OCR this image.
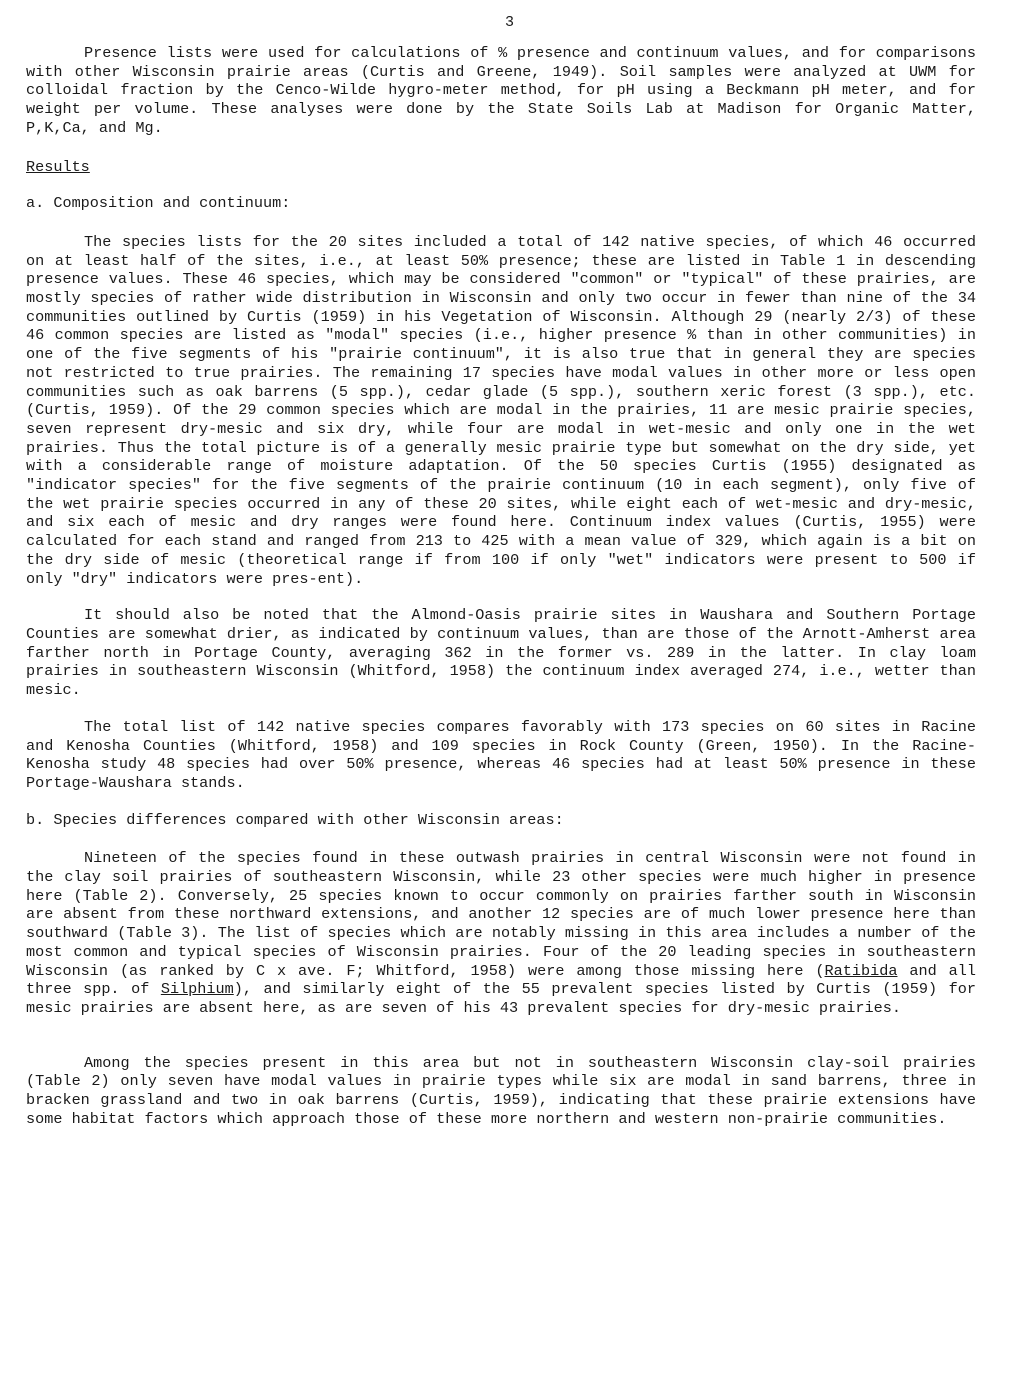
3

Presence lists were used for calculations of % presence and continuum values, and for comparisons with other Wisconsin prairie areas (Curtis and Greene, 1949). Soil samples were analyzed at UWM for colloidal fraction by the Cenco-Wilde hygro-meter method, for pH using a Beckmann pH meter, and for weight per volume. These analyses were done by the State Soils Lab at Madison for Organic Matter, P,K,Ca, and Mg.

Results

a. Composition and continuum:

The species lists for the 20 sites included a total of 142 native species, of which 46 occurred on at least half of the sites, i.e., at least 50% presence; these are listed in Table 1 in descending presence values. These 46 species, which may be considered "common" or "typical" of these prairies, are mostly species of rather wide distribution in Wisconsin and only two occur in fewer than nine of the 34 communities outlined by Curtis (1959) in his Vegetation of Wisconsin. Although 29 (nearly 2/3) of these 46 common species are listed as "modal" species (i.e., higher presence % than in other communities) in one of the five segments of his "prairie continuum", it is also true that in general they are species not restricted to true prairies. The remaining 17 species have modal values in other more or less open communities such as oak barrens (5 spp.), cedar glade (5 spp.), southern xeric forest (3 spp.), etc. (Curtis, 1959). Of the 29 common species which are modal in the prairies, 11 are mesic prairie species, seven represent dry-mesic and six dry, while four are modal in wet-mesic and only one in the wet prairies. Thus the total picture is of a generally mesic prairie type but somewhat on the dry side, yet with a considerable range of moisture adaptation. Of the 50 species Curtis (1955) designated as "indicator species" for the five segments of the prairie continuum (10 in each segment), only five of the wet prairie species occurred in any of these 20 sites, while eight each of wet-mesic and dry-mesic, and six each of mesic and dry ranges were found here. Continuum index values (Curtis, 1955) were calculated for each stand and ranged from 213 to 425 with a mean value of 329, which again is a bit on the dry side of mesic (theoretical range if from 100 if only "wet" indicators were present to 500 if only "dry" indicators were pres-ent).

It should also be noted that the Almond-Oasis prairie sites in Waushara and Southern Portage Counties are somewhat drier, as indicated by continuum values, than are those of the Arnott-Amherst area farther north in Portage County, averaging 362 in the former vs. 289 in the latter. In clay loam prairies in southeastern Wisconsin (Whitford, 1958) the continuum index averaged 274, i.e., wetter than mesic.

The total list of 142 native species compares favorably with 173 species on 60 sites in Racine and Kenosha Counties (Whitford, 1958) and 109 species in Rock County (Green, 1950). In the Racine-Kenosha study 48 species had over 50% presence, whereas 46 species had at least 50% presence in these Portage-Waushara stands.

b. Species differences compared with other Wisconsin areas:

Nineteen of the species found in these outwash prairies in central Wisconsin were not found in the clay soil prairies of southeastern Wisconsin, while 23 other species were much higher in presence here (Table 2). Conversely, 25 species known to occur commonly on prairies farther south in Wisconsin are absent from these northward extensions, and another 12 species are of much lower presence here than southward (Table 3). The list of species which are notably missing in this area includes a number of the most common and typical species of Wisconsin prairies. Four of the 20 leading species in southeastern Wisconsin (as ranked by C x ave. F; Whitford, 1958) were among those missing here (Ratibida and all three spp. of Silphium), and similarly eight of the 55 prevalent species listed by Curtis (1959) for mesic prairies are absent here, as are seven of his 43 prevalent species for dry-mesic prairies.

Among the species present in this area but not in southeastern Wisconsin clay-soil prairies (Table 2) only seven have modal values in prairie types while six are modal in sand barrens, three in bracken grassland and two in oak barrens (Curtis, 1959), indicating that these prairie extensions have some habitat factors which approach those of these more northern and western non-prairie communities.
